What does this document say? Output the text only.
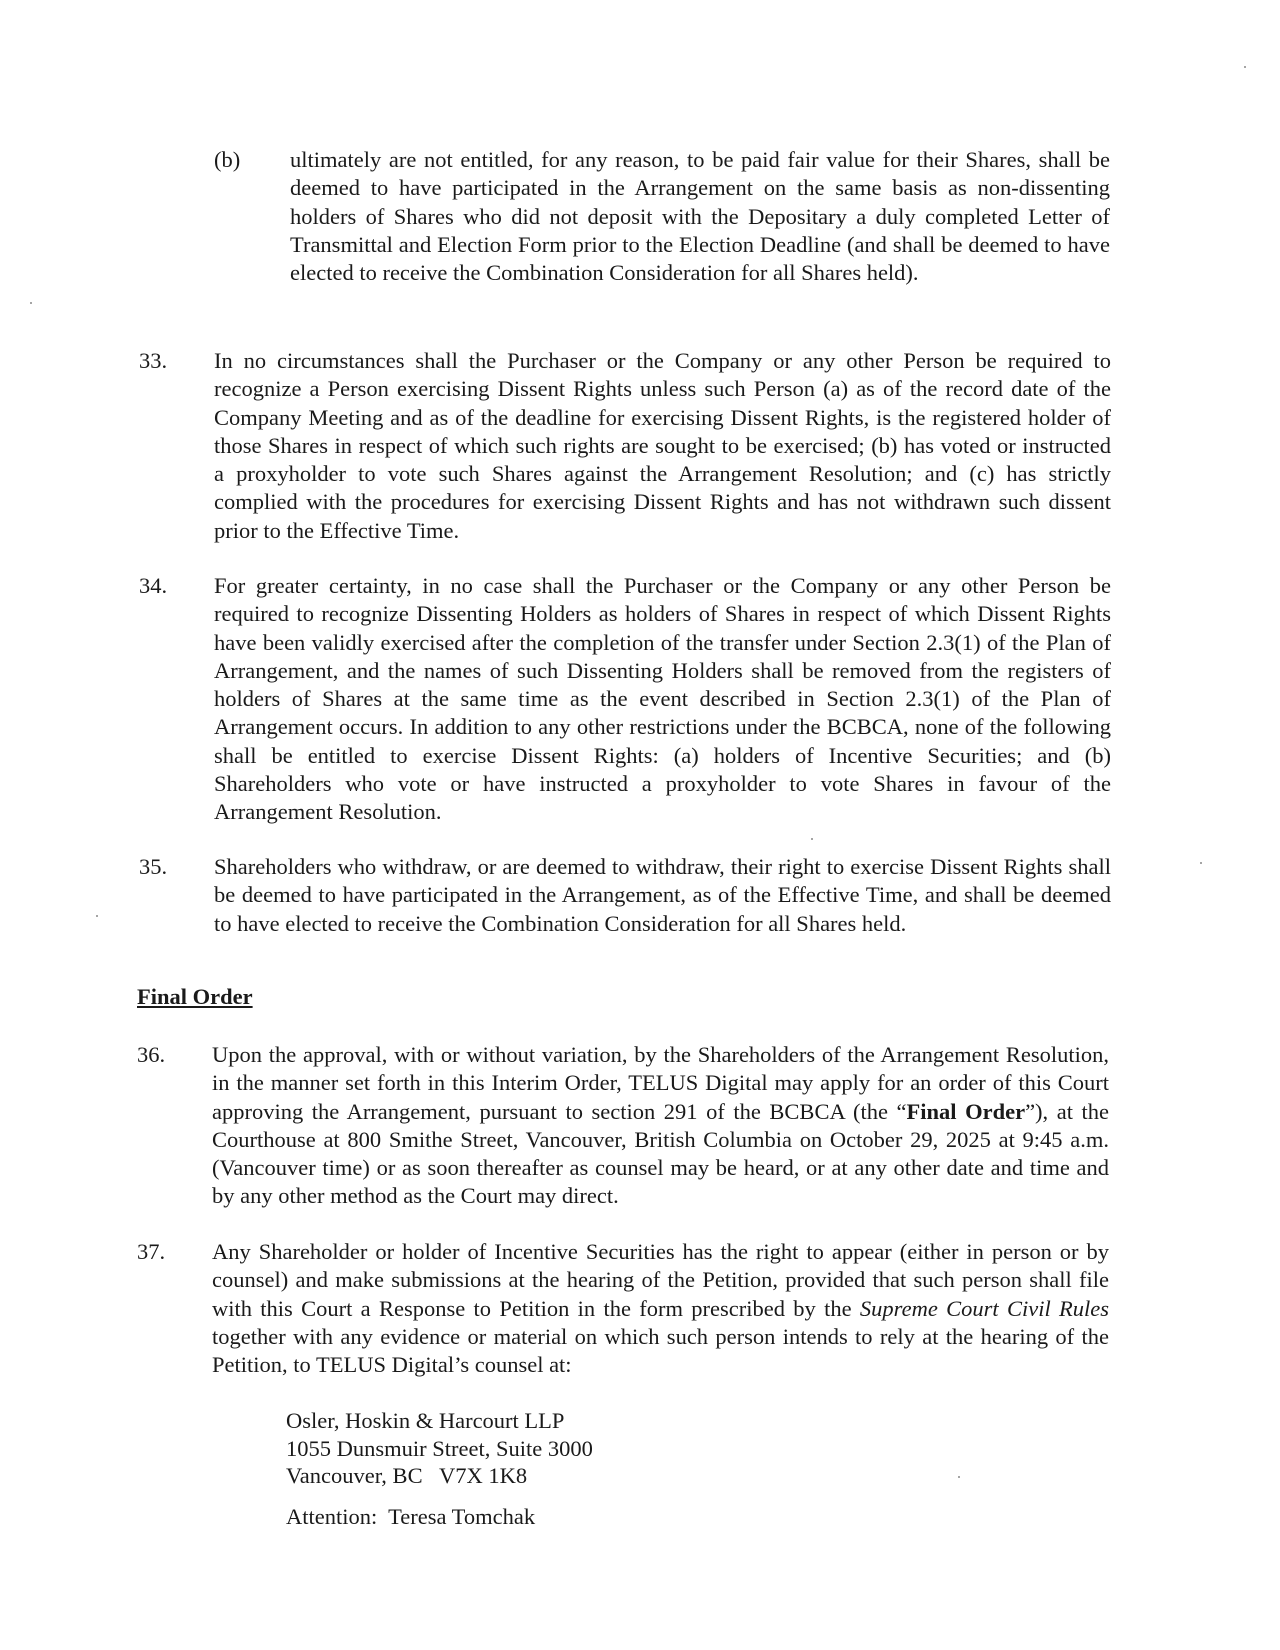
(b) ultimately are not entitled, for any reason, to be paid fair value for their Shares, shall be deemed to have participated in the Arrangement on the same basis as non-dissenting holders of Shares who did not deposit with the Depositary a duly completed Letter of Transmittal and Election Form prior to the Election Deadline (and shall be deemed to have elected to receive the Combination Consideration for all Shares held).

33. In no circumstances shall the Purchaser or the Company or any other Person be required to recognize a Person exercising Dissent Rights unless such Person (a) as of the record date of the Company Meeting and as of the deadline for exercising Dissent Rights, is the registered holder of those Shares in respect of which such rights are sought to be exercised; (b) has voted or instructed a proxyholder to vote such Shares against the Arrangement Resolution; and (c) has strictly complied with the procedures for exercising Dissent Rights and has not withdrawn such dissent prior to the Effective Time.

34. For greater certainty, in no case shall the Purchaser or the Company or any other Person be required to recognize Dissenting Holders as holders of Shares in respect of which Dissent Rights have been validly exercised after the completion of the transfer under Section 2.3(1) of the Plan of Arrangement, and the names of such Dissenting Holders shall be removed from the registers of holders of Shares at the same time as the event described in Section 2.3(1) of the Plan of Arrangement occurs. In addition to any other restrictions under the BCBCA, none of the following shall be entitled to exercise Dissent Rights: (a) holders of Incentive Securities; and (b) Shareholders who vote or have instructed a proxyholder to vote Shares in favour of the Arrangement Resolution.

35. Shareholders who withdraw, or are deemed to withdraw, their right to exercise Dissent Rights shall be deemed to have participated in the Arrangement, as of the Effective Time, and shall be deemed to have elected to receive the Combination Consideration for all Shares held.

Final Order

36. Upon the approval, with or without variation, by the Shareholders of the Arrangement Resolution, in the manner set forth in this Interim Order, TELUS Digital may apply for an order of this Court approving the Arrangement, pursuant to section 291 of the BCBCA (the “Final Order”), at the Courthouse at 800 Smithe Street, Vancouver, British Columbia on October 29, 2025 at 9:45 a.m. (Vancouver time) or as soon thereafter as counsel may be heard, or at any other date and time and by any other method as the Court may direct.

37. Any Shareholder or holder of Incentive Securities has the right to appear (either in person or by counsel) and make submissions at the hearing of the Petition, provided that such person shall file with this Court a Response to Petition in the form prescribed by the Supreme Court Civil Rules together with any evidence or material on which such person intends to rely at the hearing of the Petition, to TELUS Digital’s counsel at:

Osler, Hoskin & Harcourt LLP
1055 Dunsmuir Street, Suite 3000
Vancouver, BC   V7X 1K8

Attention:  Teresa Tomchak
